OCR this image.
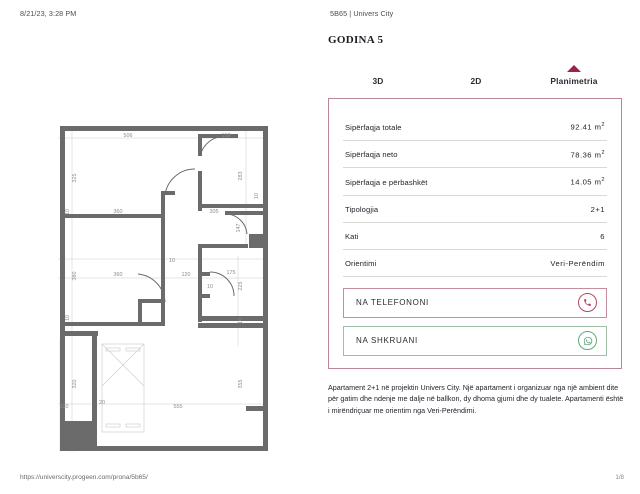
8/21/23, 3:28 PM	5B65 | Univers City
506	159
325	283
360	305
147
10
10
380	360
10
120	175
10	225
10
10
320
120
20
555
355
GODINA 5
3D	2D	Planimetria
Sipërfaqja totale	92.41 $m^2$
Sipërfaqja neto	78.36 $m^2$
Sipërfaqja e përbashkët	14.05 $m^2$
Tipologjia	2+1
Kati	6
Orientimi	Veri-Perëndim
NA TELEFONONI
NA SHKRUANI
Apartament 2+1 në projektin Univers City. Një apartament i organizuar nga një ambient dite për gatim dhe ndenje me dalje në ballkon, dy dhoma gjumi dhe dy tualete. Apartamenti është i mirëndriçuar me orientim nga Veri-Perëndimi.
https://universcity.progeen.com/prona/5b65/	1/8
